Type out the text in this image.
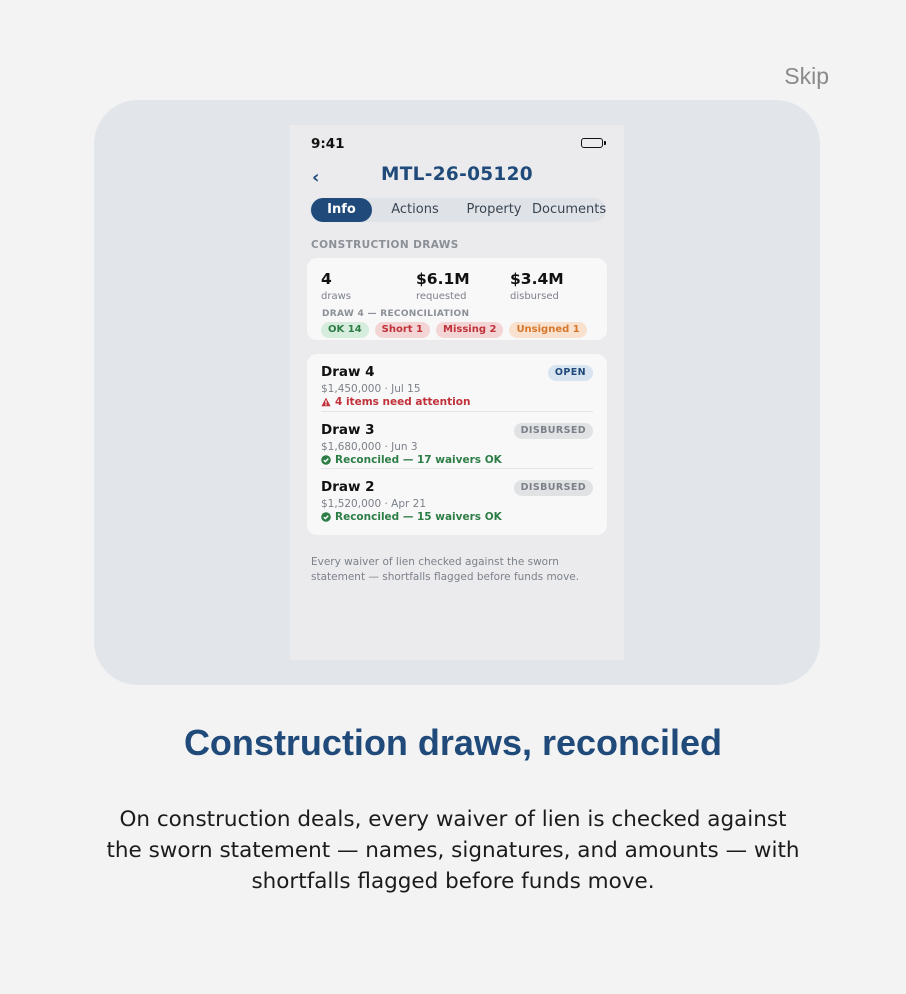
Skip
9:41
‹	MTL-26-05120
Info	Actions	Property Documents
CONSTRUCTION DRAWS
4
draws
$6.1M
requested
$3.4M
disbursed
DRAW 4 — RECONCILIATION
OK 14	Short 1	Missing 2	Unsigned 1
Draw 4	OPEN
$1,450,000 · Jul 15
4 items need attention
Draw 3	DISBURSED
$1,680,000 · Jun 3
Reconciled — 17 waivers OK
Draw 2	DISBURSED
$1,520,000 · Apr 21
Reconciled — 15 waivers OK
Every waiver of lien checked against the sworn statement — shortfalls flagged before funds move.
Construction draws, reconciled
On construction deals, every waiver of lien is checked against the sworn statement — names, signatures, and amounts — with shortfalls flagged before funds move.
